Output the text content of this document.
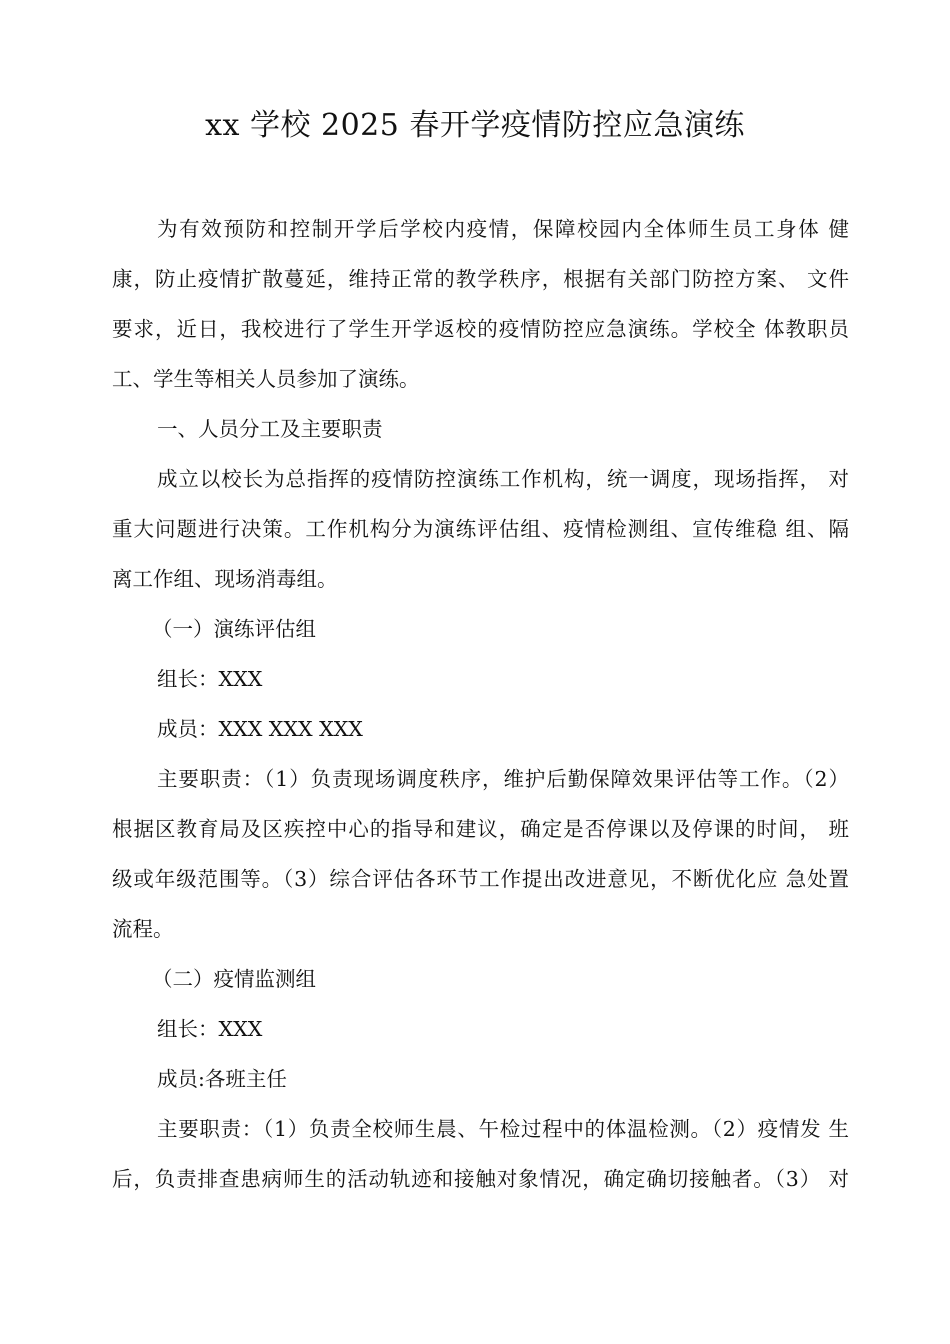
xx 学校 2025 春开学疫情防控应急演练
为有效预防和控制开学后学校内疫情，保障校园内全体师生员工身体 健
康，防止疫情扩散蔓延，维持正常的教学秩序，根据有关部门防控方案、 文件
要求，近日，我校进行了学生开学返校的疫情防控应急演练。学校全 体教职员
工、学生等相关人员参加了演练。
一、人员分工及主要职责
成立以校长为总指挥的疫情防控演练工作机构，统一调度，现场指挥， 对
重大问题进行决策。工作机构分为演练评估组、疫情检测组、宣传维稳 组、隔
离工作组、现场消毒组。
（一）演练评估组
组长：XXX
成员：XXX XXX XXX
主要职责：（1）负责现场调度秩序，维护后勤保障效果评估等工作。（2）
根据区教育局及区疾控中心的指导和建议，确定是否停课以及停课的时间， 班
级或年级范围等。（3）综合评估各环节工作提出改进意见，不断优化应 急处置
流程。
（二）疫情监测组
组长：XXX
成员:各班主任
主要职责：（1）负责全校师生晨、午检过程中的体温检测。（2）疫情发 生
后，负责排查患病师生的活动轨迹和接触对象情况，确定确切接触者。（3） 对
